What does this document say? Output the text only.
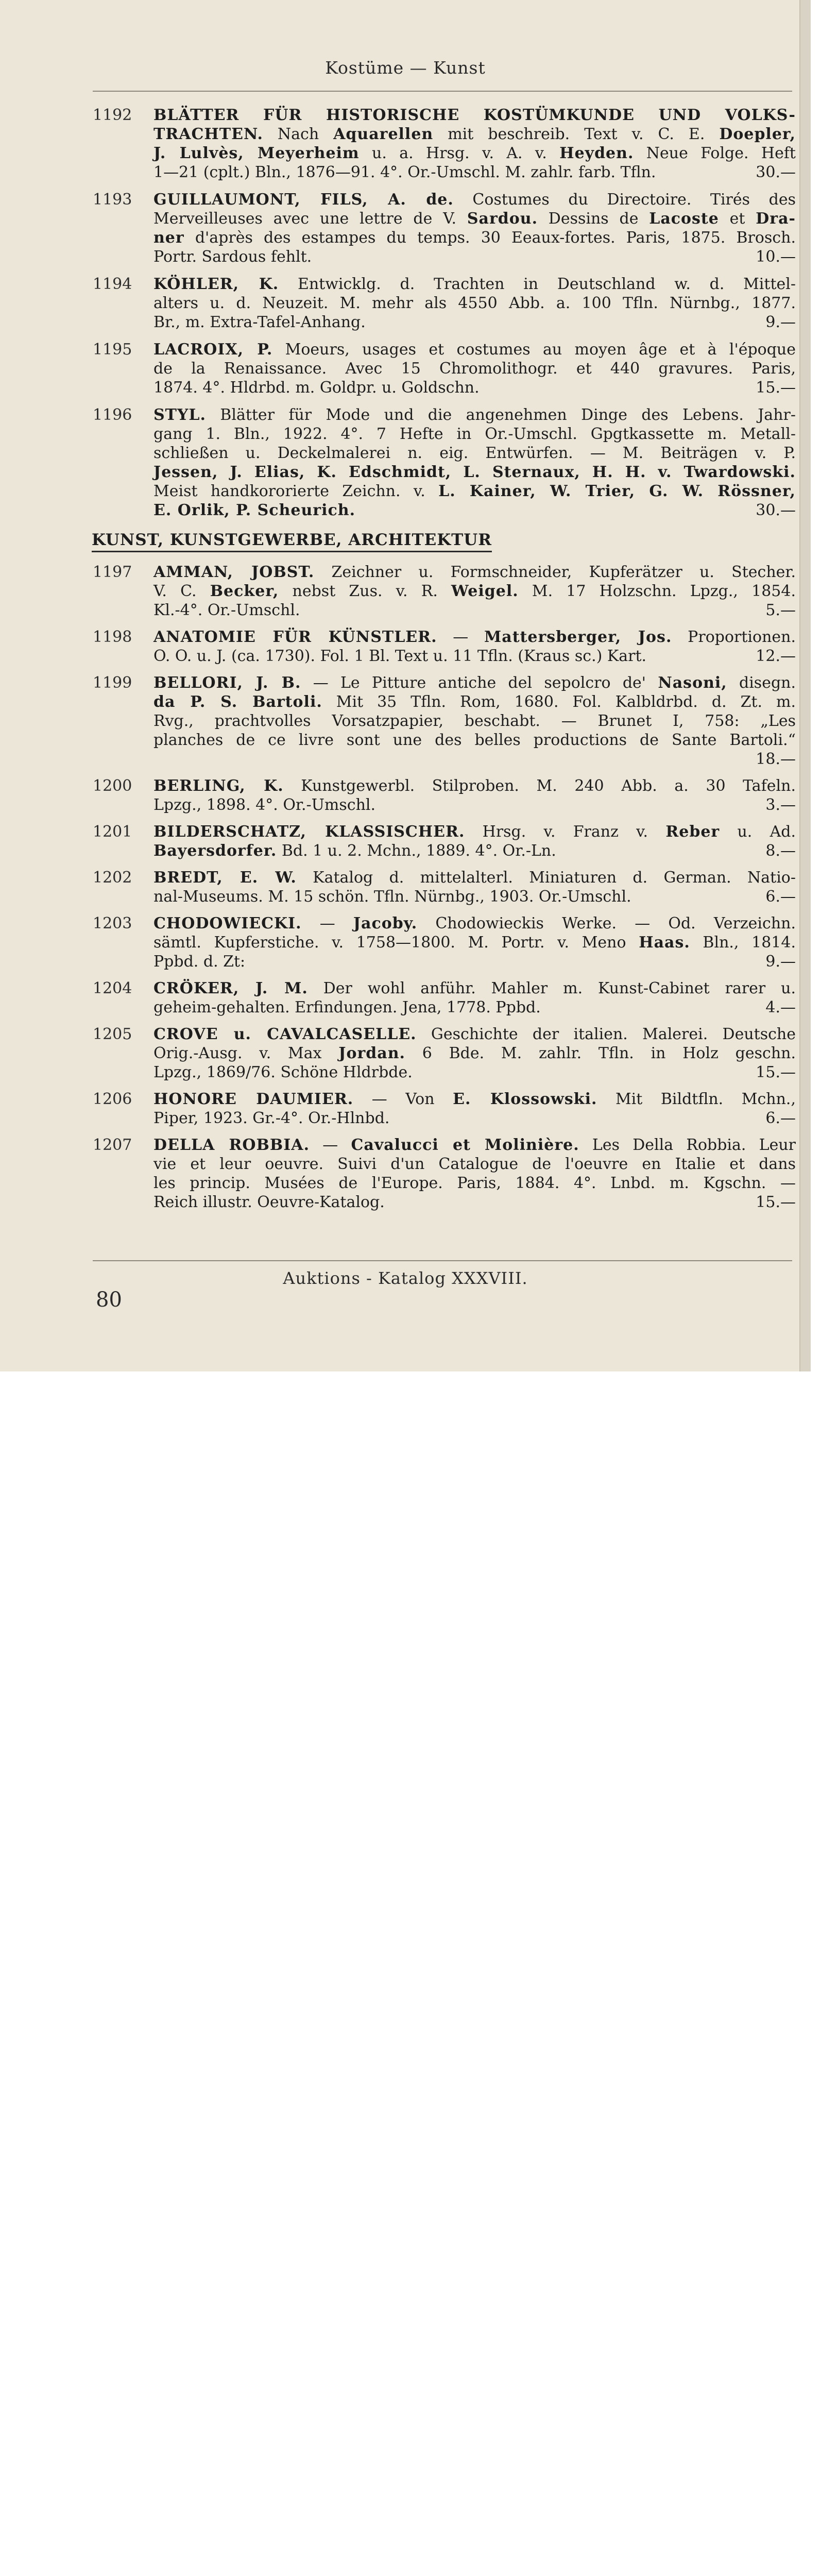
Kostüme — Kunst
1192 BLÄTTER FÜR HISTORISCHE KOSTÜMKUNDE UND VOLKS-
TRACHTEN. Nach Aquarellen mit beschreib. Text v. C. E. Doepler,
J. Lulvès, Meyerheim u. a. Hrsg. v. A. v. Heyden. Neue Folge. Heft
1—21 (cplt.) Bln., 1876—91. 4°. Or.-Umschl. M. zahlr. farb. Tfln.	30.—
1193 GUILLAUMONT, FILS, A. de. Costumes du Directoire. Tirés des
Merveilleuses avec une lettre de V. Sardou. Dessins de Lacoste et Dra-
ner d'après des estampes du temps. 30 Eeaux-fortes. Paris, 1875. Brosch.
Portr. Sardous fehlt.	10.—
1194 KÖHLER, K. Entwicklg. d. Trachten in Deutschland w. d. Mittel-
alters u. d. Neuzeit. M. mehr als 4550 Abb. a. 100 Tfln. Nürnbg., 1877.
Br., m. Extra-Tafel-Anhang.	9.—
1195 LACROIX, P. Moeurs, usages et costumes au moyen âge et à l'époque
de la Renaissance. Avec 15 Chromolithogr. et 440 gravures. Paris,
1874. 4°. Hldrbd. m. Goldpr. u. Goldschn.	15.—
1196 STYL. Blätter für Mode und die angenehmen Dinge des Lebens. Jahr-
gang 1. Bln., 1922. 4°. 7 Hefte in Or.-Umschl. Gpgtkassette m. Metall-
schließen u. Deckelmalerei n. eig. Entwürfen. — M. Beiträgen v. P.
Jessen, J. Elias, K. Edschmidt, L. Sternaux, H. H. v. Twardowski.
Meist handkororierte Zeichn. v. L. Kainer, W. Trier, G. W. Rössner,
E. Orlik, P. Scheurich.	30.—
KUNST, KUNSTGEWERBE, ARCHITEKTUR
1197 AMMAN, JOBST. Zeichner u. Formschneider, Kupferätzer u. Stecher.
V. C. Becker, nebst Zus. v. R. Weigel. M. 17 Holzschn. Lpzg., 1854.
Kl.-4°. Or.-Umschl.	5.—
1198 ANATOMIE FÜR KÜNSTLER. — Mattersberger, Jos. Proportionen.
O. O. u. J. (ca. 1730). Fol. 1 Bl. Text u. 11 Tfln. (Kraus sc.) Kart.	12.—
1199 BELLORI, J. B. — Le Pitture antiche del sepolcro de' Nasoni, disegn.
da P. S. Bartoli. Mit 35 Tfln. Rom, 1680. Fol. Kalbldrbd. d. Zt. m.
Rvg., prachtvolles Vorsatzpapier, beschabt. — Brunet I, 758: „Les
planches de ce livre sont une des belles productions de Sante Bartoli.“

18.—
1200 BERLING, K. Kunstgewerbl. Stilproben. M. 240 Abb. a. 30 Tafeln.
Lpzg., 1898. 4°. Or.-Umschl.	3.—
1201 BILDERSCHATZ, KLASSISCHER. Hrsg. v. Franz v. Reber u. Ad.
Bayersdorfer. Bd. 1 u. 2. Mchn., 1889. 4°. Or.-Ln.	8.—
1202 BREDT, E. W. Katalog d. mittelalterl. Miniaturen d. German. Natio-
nal-Museums. M. 15 schön. Tfln. Nürnbg., 1903. Or.-Umschl.	6.—
1203 CHODOWIECKI. — Jacoby. Chodowieckis Werke. — Od. Verzeichn.
sämtl. Kupferstiche. v. 1758—1800. M. Portr. v. Meno Haas. Bln., 1814.
Ppbd. d. Zt:	9.—
1204 CRÖKER, J. M. Der wohl anführ. Mahler m. Kunst-Cabinet rarer u.
geheim-gehalten. Erfindungen. Jena, 1778. Ppbd.	4.—
1205 CROVE u. CAVALCASELLE. Geschichte der italien. Malerei. Deutsche
Orig.-Ausg. v. Max Jordan. 6 Bde. M. zahlr. Tfln. in Holz geschn.
Lpzg., 1869/76. Schöne Hldrbde.	15.—
1206 HONORE DAUMIER. — Von E. Klossowski. Mit Bildtfln. Mchn.,
Piper, 1923. Gr.-4°. Or.-Hlnbd.	6.—
1207 DELLA ROBBIA. — Cavalucci et Molinière. Les Della Robbia. Leur
vie et leur oeuvre. Suivi d'un Catalogue de l'oeuvre en Italie et dans
les princip. Musées de l'Europe. Paris, 1884. 4°. Lnbd. m. Kgschn. —
Reich illustr. Oeuvre-Katalog.	15.—
Auktions - Katalog XXXVIII.
80
